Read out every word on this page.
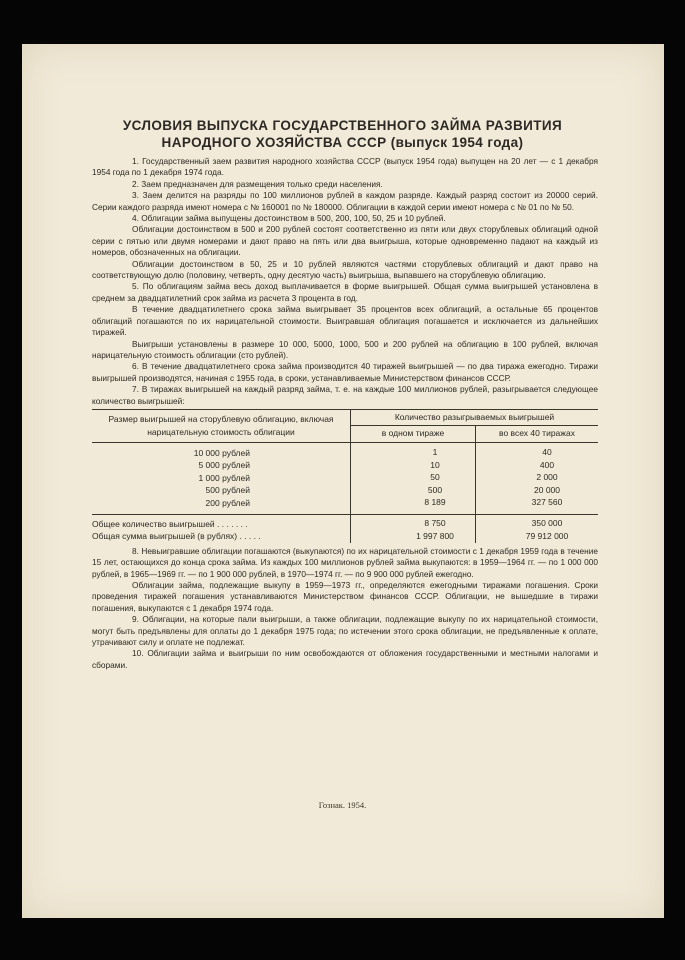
УСЛОВИЯ ВЫПУСКА ГОСУДАРСТВЕННОГО ЗАЙМА РАЗВИТИЯ
НАРОДНОГО ХОЗЯЙСТВА СССР (выпуск 1954 года)

1. Государственный заем развития народного хозяйства СССР (выпуск 1954 года) выпущен на 20 лет — с 1 декабря 1954 года по 1 декабря 1974 года.

2. Заем предназначен для размещения только среди населения.

3. Заем делится на разряды по 100 миллионов рублей в каждом разряде. Каждый разряд состоит из 20000 серий. Серии каждого разряда имеют номера с № 160001 по № 180000. Облигации в каждой серии имеют номера с № 01 по № 50.

4. Облигации займа выпущены достоинством в 500, 200, 100, 50, 25 и 10 рублей.

Облигации достоинством в 500 и 200 рублей состоят соответственно из пяти или двух сторублевых облигаций одной серии с пятью или двумя номерами и дают право на пять или два выигрыша, которые одновременно падают на каждый из номеров, обозначенных на облигации.

Облигации достоинством в 50, 25 и 10 рублей являются частями сторублевых облигаций и дают право на соответствующую долю (половину, четверть, одну десятую часть) выигрыша, выпавшего на сторублевую облигацию.

5. По облигациям займа весь доход выплачивается в форме выигрышей. Общая сумма выигрышей установлена в среднем за двадцатилетний срок займа из расчета 3 процента в год.

В течение двадцатилетнего срока займа выигрывает 35 процентов всех облигаций, а остальные 65 процентов облигаций погашаются по их нарицательной стоимости. Выигравшая облигация погашается и исключается из дальнейших тиражей.

Выигрыши установлены в размере 10 000, 5000, 1000, 500 и 200 рублей на облигацию в 100 рублей, включая нарицательную стоимость облигации (сто рублей).

6. В течение двадцатилетнего срока займа производится 40 тиражей выигрышей — по два тиража ежегодно. Тиражи выигрышей производятся, начиная с 1955 года, в сроки, устанавливаемые Министерством финансов СССР.

7. В тиражах выигрышей на каждый разряд займа, т. е. на каждые 100 миллионов рублей, разыгрывается следующее количество выигрышей:

Размер выигрышей на сторублевую облигацию, включая нарицательную стоимость облигации	Количество разыгрываемых выигрышей	
	в одном тираже	во всех 40 тиражах
10 000 рублей	1	40
5 000 рублей	10	400
1 000 рублей	50	2 000
500 рублей	500	20 000
200 рублей	8 189	327 560
Общее количество выигрышей . . . . . . .	8 750	350 000
Общая сумма выигрышей (в рублях) . . . . .	1 997 800	79 912 000

8. Невыигравшие облигации погашаются (выкупаются) по их нарицательной стоимости с 1 декабря 1959 года в течение 15 лет, остающихся до конца срока займа. Из каждых 100 миллионов рублей займа выкупаются: в 1959—1964 гг. — по 1 000 000 рублей, в 1965—1969 гг. — по 1 900 000 рублей, в 1970—1974 гг. — по 9 900 000 рублей ежегодно.

Облигации займа, подлежащие выкупу в 1959—1973 гг., определяются ежегодными тиражами погашения. Сроки проведения тиражей погашения устанавливаются Министерством финансов СССР. Облигации, не вышедшие в тиражи погашения, выкупаются с 1 декабря 1974 года.

9. Облигации, на которые пали выигрыши, а также облигации, подлежащие выкупу по их нарицательной стоимости, могут быть предъявлены для оплаты до 1 декабря 1975 года; по истечении этого срока облигации, не предъявленные к оплате, утрачивают силу и оплате не подлежат.

10. Облигации займа и выигрыши по ним освобождаются от обложения государственными и местными налогами и сборами.

Гознак. 1954.
